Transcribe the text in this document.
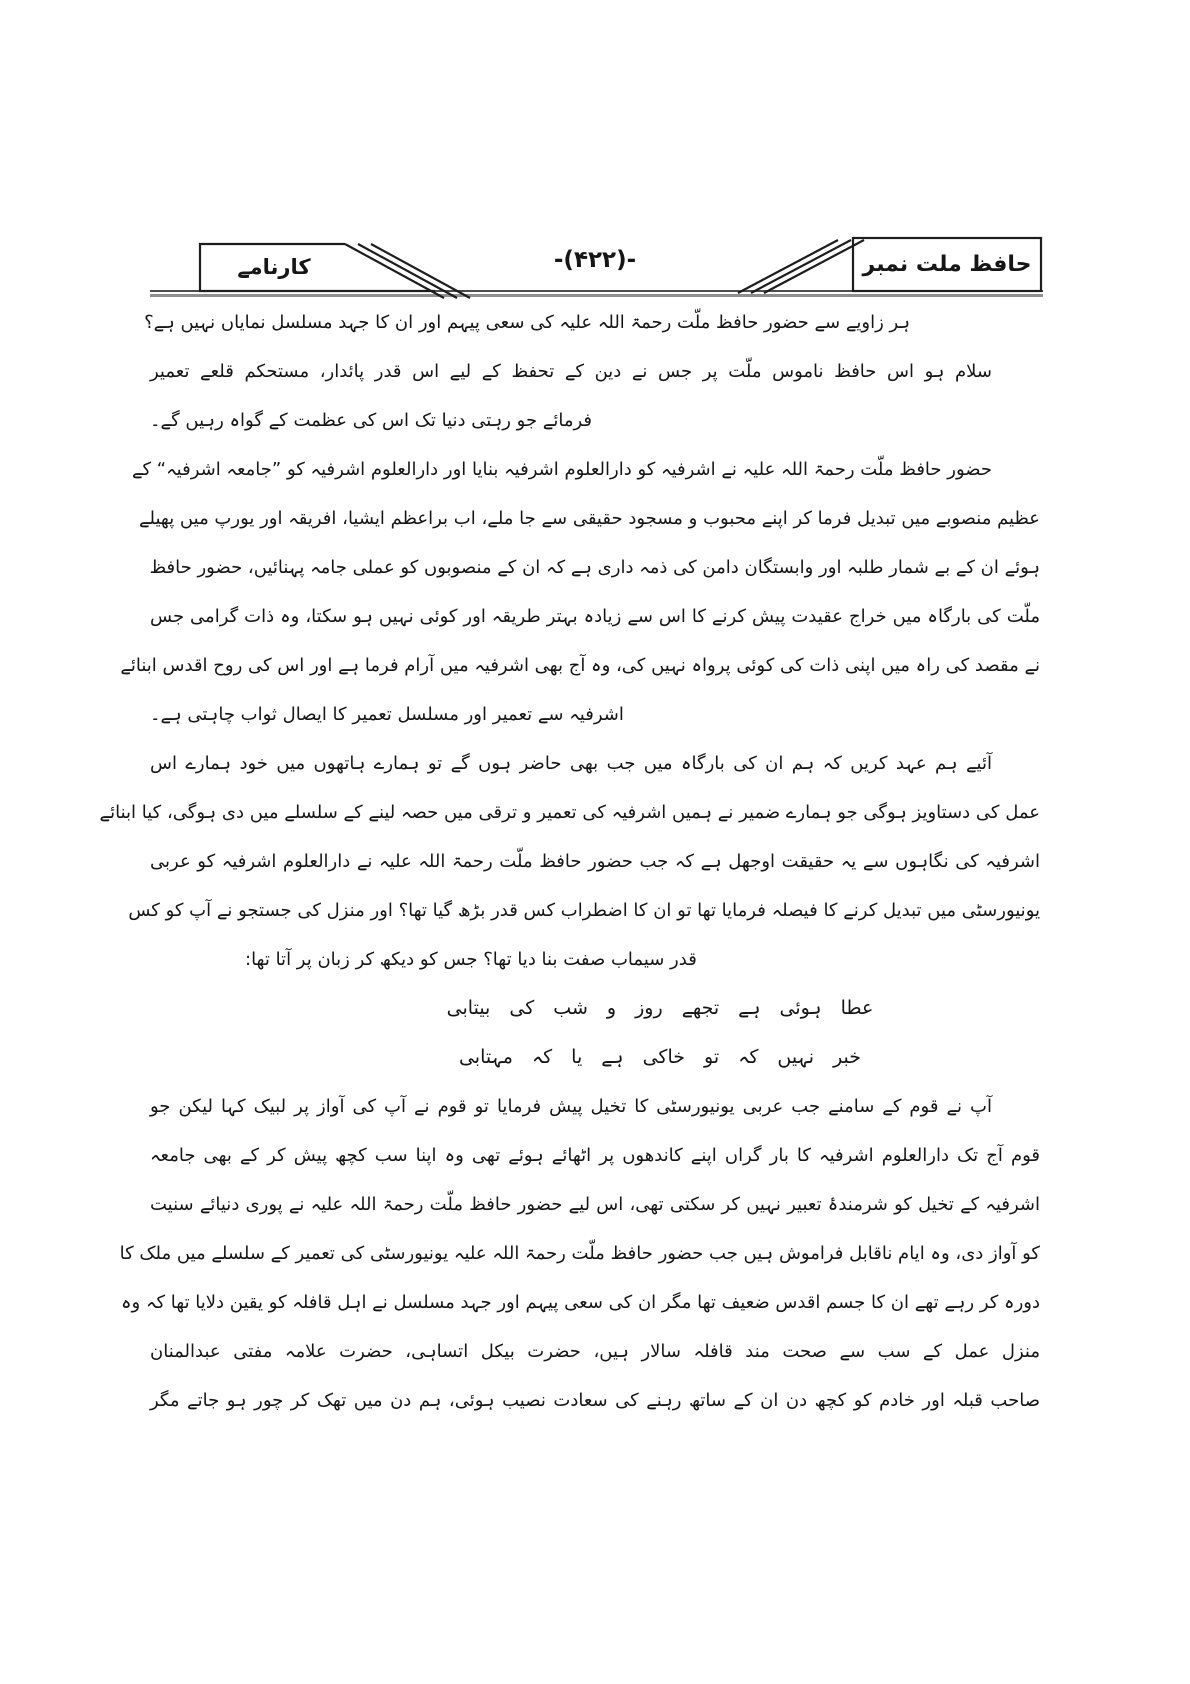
کارنامے	-(۴۲۲)-	حافظ ملت نمبر
ہر زاویے سے حضور حافظ ملّت رحمۃ اللہ علیہ کی سعی پیہم اور ان کا جہد مسلسل نمایاں نہیں ہے؟
سلام ہو اس حافظ ناموس ملّت پر جس نے دین کے تحفظ کے لیے اس قدر پائدار، مستحکم قلعے تعمیر
فرمائے جو رہتی دنیا تک اس کی عظمت کے گواہ رہیں گے۔
حضور حافظ ملّت رحمۃ اللہ علیہ نے اشرفیہ کو دارالعلوم اشرفیہ بنایا اور دارالعلوم اشرفیہ کو ”جامعہ اشرفیہ“ کے
عظیم منصوبے میں تبدیل فرما کر اپنے محبوب و مسجود حقیقی سے جا ملے، اب براعظم ایشیا، افریقہ اور یورپ میں پھیلے
ہوئے ان کے بے شمار طلبہ اور وابستگان دامن کی ذمہ داری ہے کہ ان کے منصوبوں کو عملی جامہ پہنائیں، حضور حافظ
ملّت کی بارگاہ میں خراج عقیدت پیش کرنے کا اس سے زیادہ بہتر طریقہ اور کوئی نہیں ہو سکتا، وہ ذات گرامی جس
نے مقصد کی راہ میں اپنی ذات کی کوئی پرواہ نہیں کی، وہ آج بھی اشرفیہ میں آرام فرما ہے اور اس کی روح اقدس ابنائے
اشرفیہ سے تعمیر اور مسلسل تعمیر کا ایصال ثواب چاہتی ہے۔
آئیے ہم عہد کریں کہ ہم ان کی بارگاہ میں جب بھی حاضر ہوں گے تو ہمارے ہاتھوں میں خود ہمارے اس
عمل کی دستاویز ہوگی جو ہمارے ضمیر نے ہمیں اشرفیہ کی تعمیر و ترقی میں حصہ لینے کے سلسلے میں دی ہوگی، کیا ابنائے
اشرفیہ کی نگاہوں سے یہ حقیقت اوجھل ہے کہ جب حضور حافظ ملّت رحمۃ اللہ علیہ نے دارالعلوم اشرفیہ کو عربی
یونیورسٹی میں تبدیل کرنے کا فیصلہ فرمایا تھا تو ان کا اضطراب کس قدر بڑھ گیا تھا؟ اور منزل کی جستجو نے آپ کو کس
قدر سیماب صفت بنا دیا تھا؟ جس کو دیکھ کر زبان پر آتا تھا:
عطا ہوئی ہے تجھے روز و شب کی بیتابی
خبر نہیں کہ تو خاکی ہے یا کہ مہتابی
آپ نے قوم کے سامنے جب عربی یونیورسٹی کا تخیل پیش فرمایا تو قوم نے آپ کی آواز پر لبیک کہا لیکن جو
قوم آج تک دارالعلوم اشرفیہ کا بار گراں اپنے کاندھوں پر اٹھائے ہوئے تھی وہ اپنا سب کچھ پیش کر کے بھی جامعہ
اشرفیہ کے تخیل کو شرمندۂ تعبیر نہیں کر سکتی تھی، اس لیے حضور حافظ ملّت رحمۃ اللہ علیہ نے پوری دنیائے سنیت
کو آواز دی، وہ ایام ناقابل فراموش ہیں جب حضور حافظ ملّت رحمۃ اللہ علیہ یونیورسٹی کی تعمیر کے سلسلے میں ملک کا
دورہ کر رہے تھے ان کا جسم اقدس ضعیف تھا مگر ان کی سعی پیہم اور جہد مسلسل نے اہل قافلہ کو یقین دلایا تھا کہ وہ
منزل عمل کے سب سے صحت مند قافلہ سالار ہیں، حضرت بیکل اتساہی، حضرت علامہ مفتی عبدالمنان
صاحب قبلہ اور خادم کو کچھ دن ان کے ساتھ رہنے کی سعادت نصیب ہوئی، ہم دن میں تھک کر چور ہو جاتے مگر
